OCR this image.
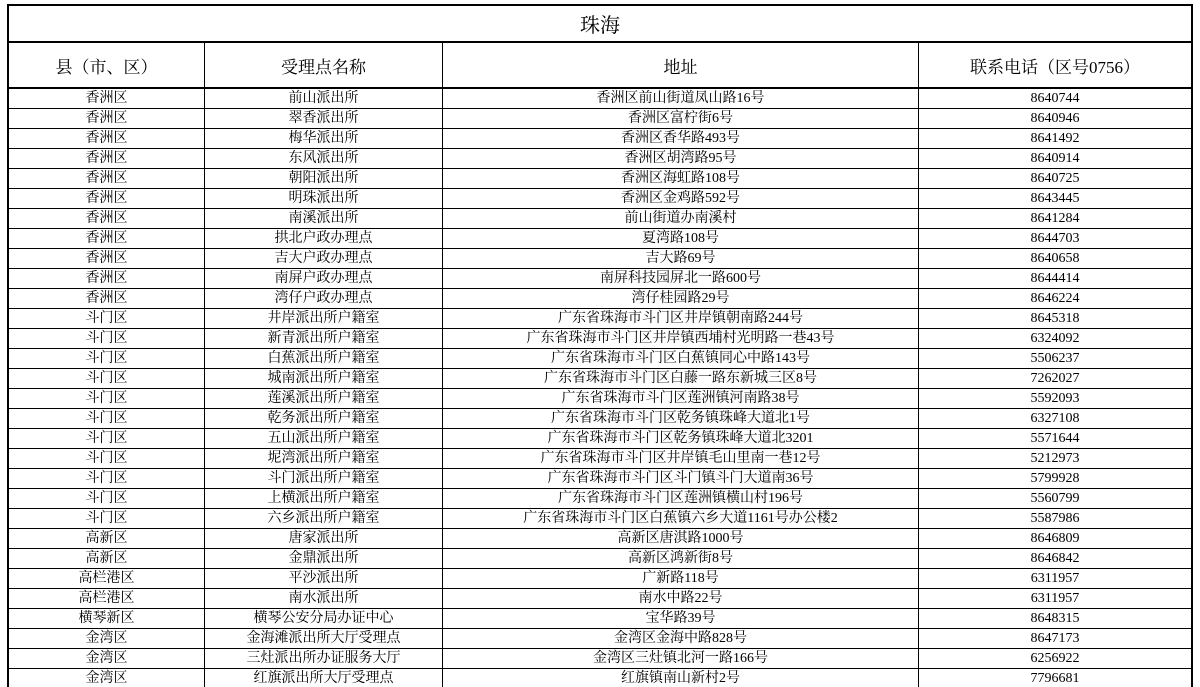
珠海			
县（市、区）	受理点名称	地址	联系电话（区号0756）
香洲区	前山派出所	香洲区前山街道凤山路16号	8640744
香洲区	翠香派出所	香洲区富柠街6号	8640946
香洲区	梅华派出所	香洲区香华路493号	8641492
香洲区	东风派出所	香洲区胡湾路95号	8640914
香洲区	朝阳派出所	香洲区海虹路108号	8640725
香洲区	明珠派出所	香洲区金鸡路592号	8643445
香洲区	南溪派出所	前山街道办南溪村	8641284
香洲区	拱北户政办理点	夏湾路108号	8644703
香洲区	吉大户政办理点	吉大路69号	8640658
香洲区	南屏户政办理点	南屏科技园屏北一路600号	8644414
香洲区	湾仔户政办理点	湾仔桂园路29号	8646224
斗门区	井岸派出所户籍室	广东省珠海市斗门区井岸镇朝南路244号	8645318
斗门区	新青派出所户籍室	广东省珠海市斗门区井岸镇西埔村光明路一巷43号	6324092
斗门区	白蕉派出所户籍室	广东省珠海市斗门区白蕉镇同心中路143号	5506237
斗门区	城南派出所户籍室	广东省珠海市斗门区白藤一路东新城三区8号	7262027
斗门区	莲溪派出所户籍室	广东省珠海市斗门区莲洲镇河南路38号	5592093
斗门区	乾务派出所户籍室	广东省珠海市斗门区乾务镇珠峰大道北1号	6327108
斗门区	五山派出所户籍室	广东省珠海市斗门区乾务镇珠峰大道北3201	5571644
斗门区	坭湾派出所户籍室	广东省珠海市斗门区井岸镇毛山里南一巷12号	5212973
斗门区	斗门派出所户籍室	广东省珠海市斗门区斗门镇斗门大道南36号	5799928
斗门区	上横派出所户籍室	广东省珠海市斗门区莲洲镇横山村196号	5560799
斗门区	六乡派出所户籍室	广东省珠海市斗门区白蕉镇六乡大道1161号办公楼2	5587986
高新区	唐家派出所	高新区唐淇路1000号	8646809
高新区	金鼎派出所	高新区鸿新街8号	8646842
高栏港区	平沙派出所	广新路118号	6311957
高栏港区	南水派出所	南水中路22号	6311957
横琴新区	横琴公安分局办证中心	宝华路39号	8648315
金湾区	金海滩派出所大厅受理点	金湾区金海中路828号	8647173
金湾区	三灶派出所办证服务大厅	金湾区三灶镇北河一路166号	6256922
金湾区	红旗派出所大厅受理点	红旗镇南山新村2号	7796681
